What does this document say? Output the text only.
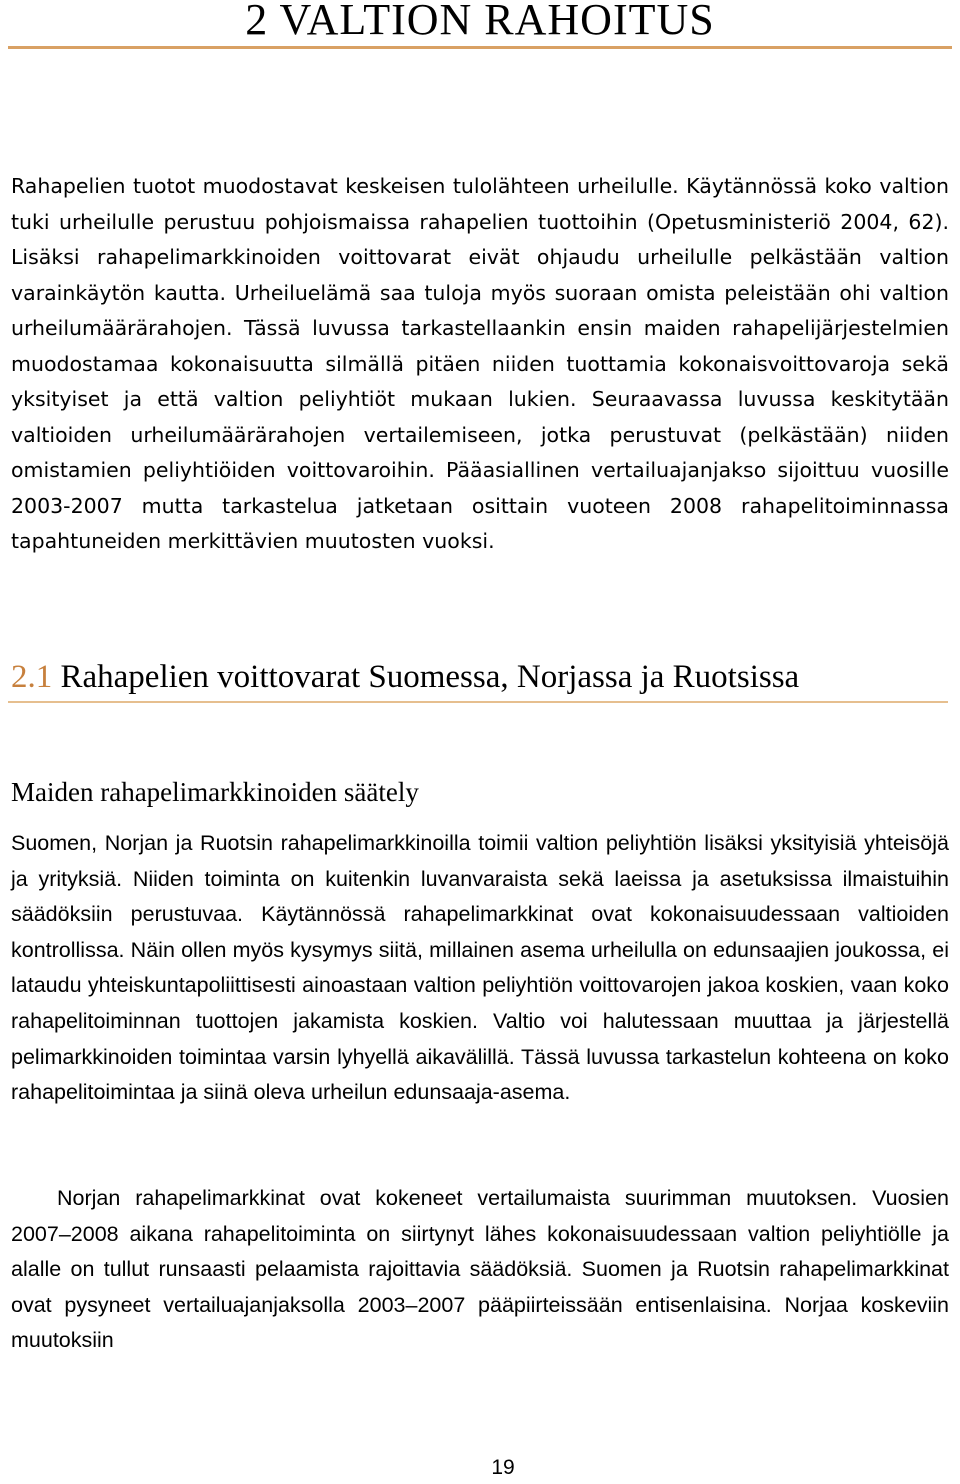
2 VALTION RAHOITUS

Rahapelien tuotot muodostavat keskeisen tulolähteen urheilulle. Käytännössä koko valtion tuki urheilulle perustuu pohjoismaissa rahapelien tuottoihin (Opetusministeriö 2004, 62). Lisäksi rahapelimarkkinoiden voittovarat eivät ohjaudu urheilulle pelkästään valtion varainkäytön kautta. Urheiluelämä saa tuloja myös suoraan omista peleistään ohi valtion urheilumäärärahojen. Tässä luvussa tarkastellaankin ensin maiden rahapelijärjestelmien muodostamaa kokonaisuutta silmällä pitäen niiden tuottamia kokonaisvoittovaroja sekä yksityiset ja että valtion peliyhtiöt mukaan lukien. Seuraavassa luvussa keskitytään valtioiden urheilumäärärahojen vertailemiseen, jotka perustuvat (pelkästään) niiden omistamien peliyhtiöiden voittovaroihin. Pääasiallinen vertailuajanjakso sijoittuu vuosille 2003-2007 mutta tarkastelua jatketaan osittain vuoteen 2008 rahapelitoiminnassa tapahtuneiden merkittävien muutosten vuoksi.

2.1 Rahapelien voittovarat Suomessa, Norjassa ja Ruotsissa
Maiden rahapelimarkkinoiden säätely

Suomen, Norjan ja Ruotsin rahapelimarkkinoilla toimii valtion peliyhtiön lisäksi yksityisiä yhteisöjä ja yrityksiä. Niiden toiminta on kuitenkin luvanvaraista sekä laeissa ja asetuksissa ilmaistuihin säädöksiin perustuvaa. Käytännössä rahapelimarkkinat ovat kokonaisuudessaan valtioiden kontrollissa. Näin ollen myös kysymys siitä, millainen asema urheilulla on edunsaajien joukossa, ei lataudu yhteiskuntapoliittisesti ainoastaan valtion peliyhtiön voittovarojen jakoa koskien, vaan koko rahapelitoiminnan tuottojen jakamista koskien. Valtio voi halutessaan muuttaa ja järjestellä pelimarkkinoiden toimintaa varsin lyhyellä aikavälillä. Tässä luvussa tarkastelun kohteena on koko rahapelitoimintaa ja siinä oleva urheilun edunsaaja-asema.

Norjan rahapelimarkkinat ovat kokeneet vertailumaista suurimman muutoksen. Vuosien 2007–2008 aikana rahapelitoiminta on siirtynyt lähes kokonaisuudessaan valtion peliyhtiölle ja alalle on tullut runsaasti pelaamista rajoittavia säädöksiä. Suomen ja Ruotsin rahapelimarkkinat ovat pysyneet vertailuajanjaksolla 2003–2007 pääpiirteissään entisenlaisina. Norjaa koskeviin muutoksiin

19
